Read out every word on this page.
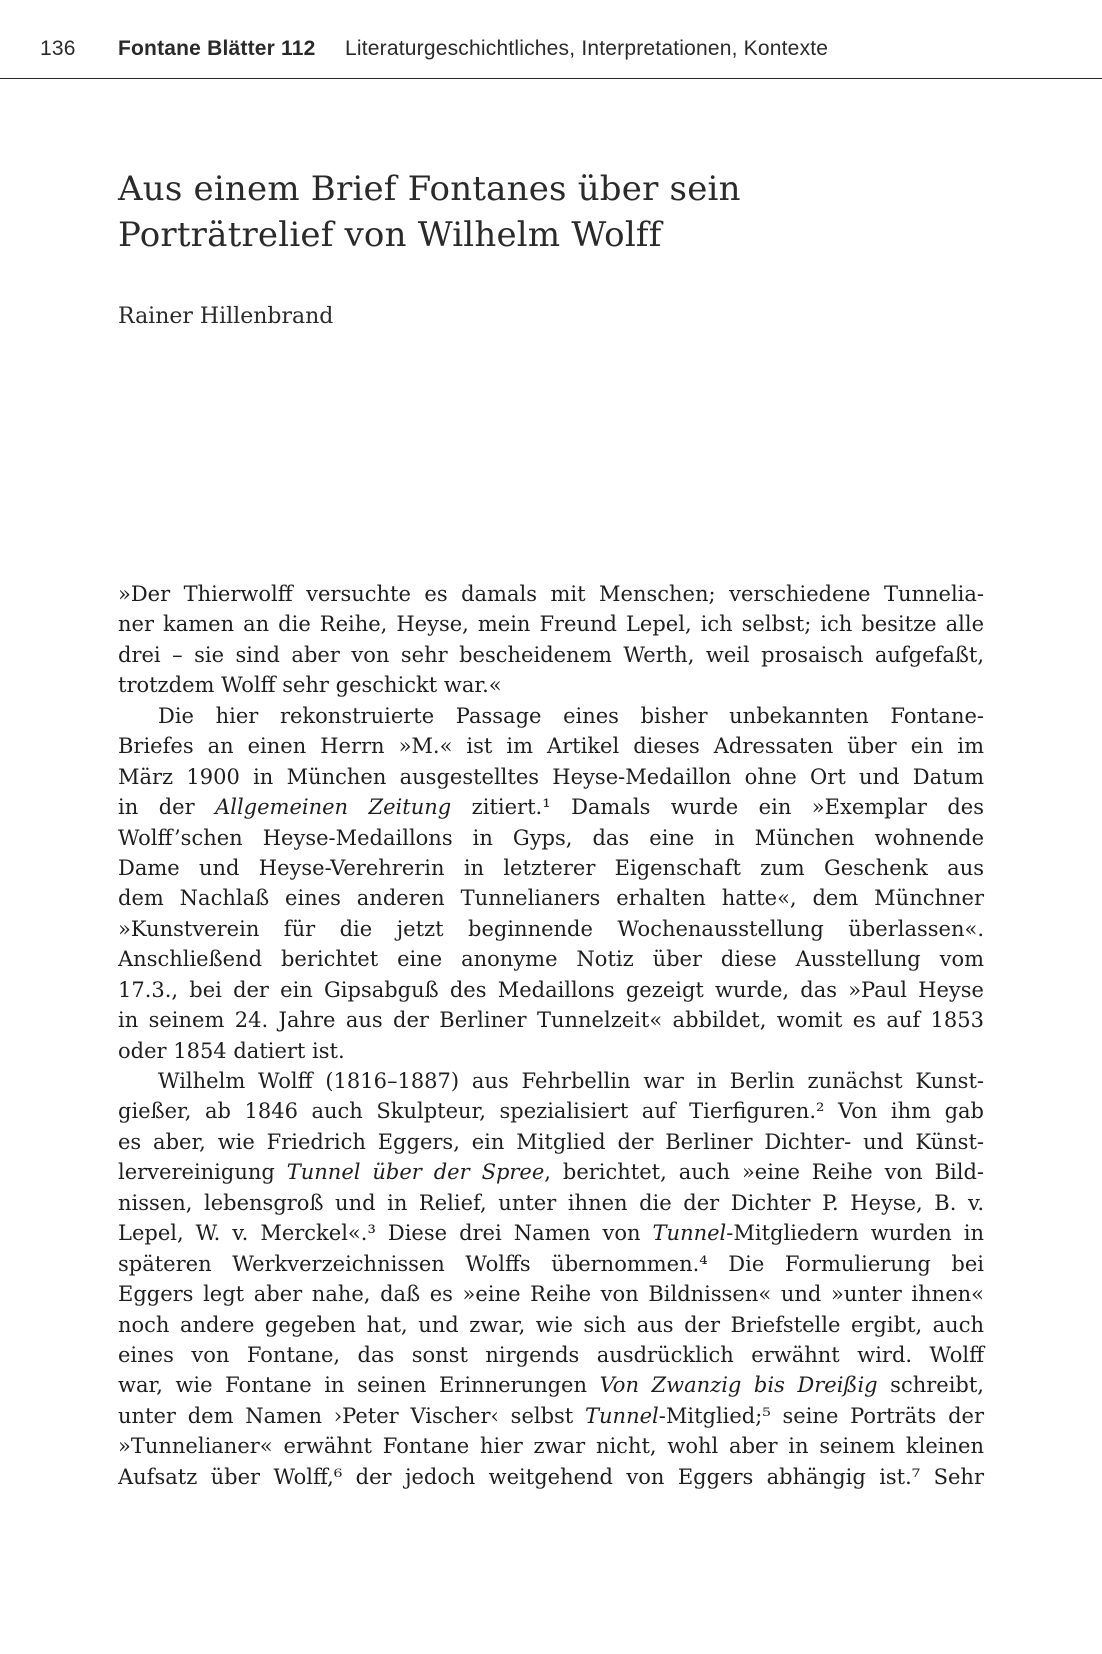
136 Fontane Blätter 112 Literaturgeschichtliches, Interpretationen, Kontexte
Aus einem Brief Fontanes über sein
Porträtrelief von Wilhelm Wolff
Rainer Hillenbrand
»Der Thierwolff versuchte es damals mit Menschen; verschiedene Tunnelia-
ner kamen an die Reihe, Heyse, mein Freund Lepel, ich selbst; ich besitze alle
drei – sie sind aber von sehr bescheidenem Werth, weil prosaisch aufgefaßt,
trotzdem Wolff sehr geschickt war.«
Die hier rekonstruierte Passage eines bisher unbekannten Fontane-
Briefes an einen Herrn »M.« ist im Artikel dieses Adressaten über ein im
März 1900 in München ausgestelltes Heyse-Medaillon ohne Ort und Datum
in der Allgemeinen Zeitung zitiert.¹ Damals wurde ein »Exemplar des
Wolff’schen Heyse-Medaillons in Gyps, das eine in München wohnende
Dame und Heyse-Verehrerin in letzterer Eigenschaft zum Geschenk aus
dem Nachlaß eines anderen Tunnelianers erhalten hatte«, dem Münchner
»Kunstverein für die jetzt beginnende Wochenausstellung überlassen«.
Anschließend berichtet eine anonyme Notiz über diese Ausstellung vom
17.3., bei der ein Gipsabguß des Medaillons gezeigt wurde, das »Paul Heyse
in seinem 24. Jahre aus der Berliner Tunnelzeit« abbildet, womit es auf 1853
oder 1854 datiert ist.
Wilhelm Wolff (1816–1887) aus Fehrbellin war in Berlin zunächst Kunst-
gießer, ab 1846 auch Skulpteur, spezialisiert auf Tierfiguren.² Von ihm gab
es aber, wie Friedrich Eggers, ein Mitglied der Berliner Dichter- und Künst-
lervereinigung Tunnel über der Spree, berichtet, auch »eine Reihe von Bild-
nissen, lebensgroß und in Relief, unter ihnen die der Dichter P. Heyse, B. v.
Lepel, W. v. Merckel«.³ Diese drei Namen von Tunnel-Mitgliedern wurden in
späteren Werkverzeichnissen Wolffs übernommen.⁴ Die Formulierung bei
Eggers legt aber nahe, daß es »eine Reihe von Bildnissen« und »unter ihnen«
noch andere gegeben hat, und zwar, wie sich aus der Briefstelle ergibt, auch
eines von Fontane, das sonst nirgends ausdrücklich erwähnt wird. Wolff
war, wie Fontane in seinen Erinnerungen Von Zwanzig bis Dreißig schreibt,
unter dem Namen ›Peter Vischer‹ selbst Tunnel-Mitglied;⁵ seine Porträts der
»Tunnelianer« erwähnt Fontane hier zwar nicht, wohl aber in seinem kleinen
Aufsatz über Wolff,⁶ der jedoch weitgehend von Eggers abhängig ist.⁷ Sehr
